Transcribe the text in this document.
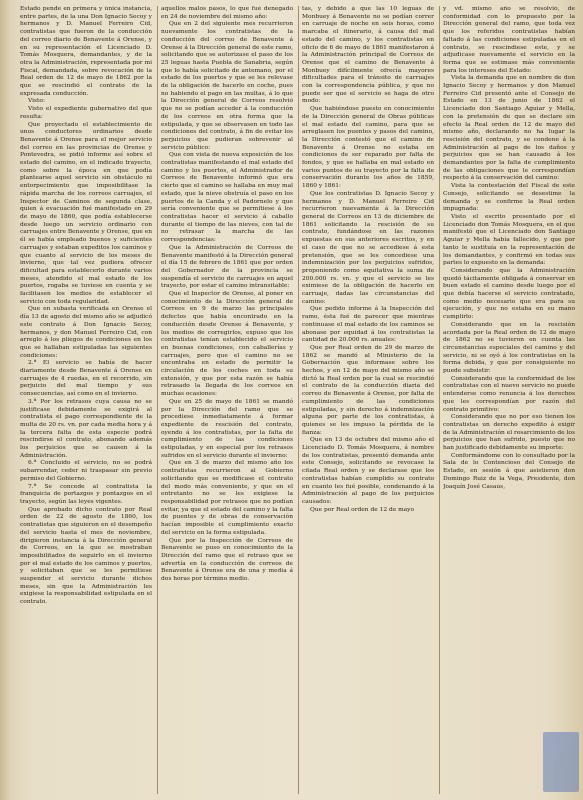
Estado pende en primera y única instancia, entre partes, de la una Don Ignacio Secoy y hermanos y D. Manuel Ferreiro Cid, contratistas que fueron de la conducción del correo diario de Benavente á Orense, y en su representación el Licenciado D. Tomás Mosquera, demandantes, y de la otra la Administración, representada por mi Fiscal, demandada, sobre revocación de la Real orden de 12 de mayo de 1862 por la que se rescindió el contrato de la expresada conducción.

Visto:

Visto el expediente gubernativo del que resulta:

Que proyectado el establecimiento de unos conductores ordinarios desde Benavente á Orense para el mejor servicio del correo en las provincias de Orense y Pontevedra, se pidió informe así sobre el estado del camino, en el indicado trayecto, como sobre la época en que podía plantearse aquel servicio sin obstáculo ni entorpecimiento que imposibilitase la rápida marcha de los correos carruajes, el Inspector de Caminos de segunda clase, quien á evacuación fué manifestado en 29 de mayo de 1860, que podía establecerse desde luego un servicio ordinario con carruajes entre Benavente y Orense, que en él se había empleado buenos y suficientes carruajes y estaban expeditos los caminos y que cuanto al servicio de los meses de invierno, que tal vez pudiera ofrecer dificultad para establecerlo durante varios meses, atendido el mal estado de los puertos, rogaba se tuviese en cuenta y se facilitasen los medios de establecer el servicio con toda regularidad.

Que en subasta verificada en Orense el día 13 de agosto del mismo año se adjudicó este contrato á Don Ignacio Secoy, hermanos, y don Manuel Ferreiro Cid, con arreglo á los pliegos de condiciones en los que se hallaban estipuladas las siguientes condiciones:

2.ª El servicio se había de hacer diariamente desde Benavente á Orense en carruajes de 4 ruedas, en el recorrido, sin perjuicio del mal tiempo y sus consecuencias, así como en el invierno.

3.ª Por los retrasos cuya causa no se justificase debidamente se exigirá al contratista el pago correspondiente de la multa de 20 rs. vn. por cada media hora y á la tercera falta de esta especie podrá rescindirse el contrato, abonando además los perjuicios que se causen á la Administración.

6.ª Concluido el servicio, no se podrá subarrendar, ceder ni traspasar sin previo permiso del Gobierno.

7.ª Se concede al contratista la franquicia de portazgos y pontazgos en el trayecto, según las leyes vigentes.

Que aprobado dicho contrato por Real orden de 22 de agosto de 1860, los contratistas que siguieron en el desempeño del servicio hasta el mes de noviembre, dirigieron instancia á la Dirección general de Correos, en la que se mostraban imposibilitados de seguirlo en el invierno por el mal estado de los caminos y puertos, y solicitaban que se les permitiese suspender el servicio durante dichos meses, sin que la Administración les exigiese la responsabilidad estipulada en el contrato.

aquellos malos pasos, lo que fué denegado en 24 de noviembre del mismo año:

Que en 2 del siguiente mes recurrieron nuevamente los contratistas de la conducción del correo de Benavente á Orense á la Dirección general de este ramo, solicitando que se autorizase el paso de los 25 leguas hasta Puebla de Sanabria, según que lo había solicitado de antemano, por el estado de los puertos y que se les relevase de la obligación de hacerlo en coche, pues no habiendo el pago en las multas, á lo que la Dirección general de Correos resolvió que no se podían acceder á la conducción de los correos en otra forma que la estipulada, y que se observasen en todo las condiciones del contrato, á fin de evitar los perjuicios que pudieran sobrevenir al servicio público:

Que con vista de nueva exposición de los contratistas manifestando el mal estado del camino y los puertos, el Administrador de Correos de Benavente informó que era cierto que el camino se hallaba en muy mal estado, que la nieve obstruía el paso en los puertos de la Canda y el Padornelo y que sería conveniente que se permitiese á los contratistas hacer el servicio á caballo durante el tiempo de las nieves, con tal de no retrasar la marcha de las correspondencias:

Que la Administración de Correos de Benavente manifestó á la Dirección general el día 15 de febrero de 1861 que por orden del Gobernador de la provincia se suspendía el servicio de carruajes en aquel trayecto, por estar el camino intransitable:

Que el Inspector de Orense, al poner en conocimiento de la Dirección general de Correos en 9 de marzo las principales defectos que había encontrado en la conducción desde Orense á Benavente, y los medios de corregirlos, expuso que los contratistas tenían establecido el servicio en buenas condiciones, con caballerías y carruajes, pero que el camino no se encontraba en estado de permitir la circulación de los coches en toda su extensión, y que por esta razón se había retrasado la llegada de los correos en muchas ocasiones:

Que en 25 de mayo de 1861 se mandó por la Dirección del ramo que se procediese inmediatamente á formar expediente de rescisión del contrato, oyendo á los contratistas, por la falta de cumplimiento de las condiciones estipuladas, y en especial por los retrasos sufridos en el servicio durante el invierno:

Que en 3 de marzo del mismo año los contratistas recurrieron al Gobierno solicitando que se modificase el contrato del modo más conveniente, y que en el entretanto no se les exigiese la responsabilidad por retrasos que no podían evitar, ya que el estado del camino y la falta de puentes y de obras de conservación hacían imposible el cumplimiento exacto del servicio en la forma estipulada.

Que por la Inspección de Correos de Benavente se puso en conocimiento de la Dirección del ramo que el retraso que se advertía en la conducción de correos de Benavente á Orense era de una y media á dos horas por término medio.

tas, y debido á que las 10 leguas de Monbuey á Benavente no se podían correr en carruaje de noche en seis horas, como marcaba el itinerario, á causa del mal estado del camino, y los contratistas en oficio de 6 de mayo de 1861 manifestaron á la Administración principal de Correos de Orense que el camino de Benavente á Monbuey difícilmente ofrecía mayores dificultades para el tránsito de carruajes con la correspondencia pública, y que no puede ser que el servicio se haga de otro modo:

Que habiéndose puesto en conocimiento de la Dirección general de Obras públicas el mal estado del camino, para que se arreglasen los puentes y pasos del camino, la Dirección contestó que el camino de Benavente á Orense no estaba en condiciones de ser reparado por falta de fondos, y que se hallaba en mal estado en varios puntos de su trayecto por la falta de conservación durante los años de 1859, 1860 y 1861:

Que los contratistas D. Ignacio Secoy y hermanos y D. Manuel Ferreiro Cid recurrieron nuevamente á la Dirección general de Correos en 13 de diciembre de 1861 solicitando la rescisión de su contrato, fundándose en las razones expuestas en sus anteriores escritos, y en el caso de que no se accediese á esta pretensión, que se les concediese una indemnización por los perjuicios sufridos, proponiendo como equitativa la suma de 200.000 rs. vn. y que el servicio se les eximiese de la obligación de hacerlo en carruaje, dadas las circunstancias del camino:

Que pedido informe á la Inspección del ramo, ésta fué de parecer que mientras continuase el mal estado de los caminos se abonase por equidad á los contratistas la cantidad de 20.000 rs. anuales:

Que por Real orden de 29 de marzo de 1862 se mandó al Ministerio de la Gobernación que informase sobre los hechos, y en 12 de mayo del mismo año se dictó la Real orden por la cual se rescindió el contrato de la conducción diaria del correo de Benavente á Orense, por falta de cumplimiento de las condiciones estipuladas, y sin derecho á indemnización alguna por parte de los contratistas, á quienes se les impuso la pérdida de la fianza:

Que en 13 de octubre del mismo año el Licenciado D. Tomás Mosquera, á nombre de los contratistas, presentó demanda ante este Consejo, solicitando se revocase la citada Real orden y se declarase que los contratistas habían cumplido su contrato en cuanto les fué posible, condenando á la Administración al pago de los perjuicios causados:

Que por Real orden de 12 de mayo

y vd. mismo año se resolvió, de conformidad con lo propuesto por la Dirección general del ramo, que toda vez que los referidos contratistas habían faltado á las condiciones estipuladas en el contrato, se rescindiese este, y se adjudicase nuevamente el servicio en la forma que se estimase más conveniente para los intereses del Estado:

Vista la demanda que en nombre de don Ignacio Secoy y hermanos y don Manuel Ferreiro Cid presentó ante el Consejo de Estado en 13 de junio de 1862 el Licenciado don Santiago Aguiar y Mella, con la pretensión de que se declare sin efecto la Real orden de 12 de mayo del mismo año, declarando no ha lugar la rescisión del contrato, y se condene á la Administración al pago de los daños y perjuicios que se han causado á los demandantes por la falta de cumplimiento de las obligaciones que le correspondían respecto á la conservación del camino:

Vista la contestación del Fiscal de este Consejo, solicitando se desestime la demanda y se confirme la Real orden impugnada:

Visto el escrito presentado por el Licenciado don Tomás Mosquera, en el que manifestó que el Licenciado don Santiago Aguiar y Mella había fallecido, y que por tanto le sustituía en la representación de los demandantes, y confirmó en todas sus partes lo expuesto en la demanda:

Considerando que la Administración quedó tácitamente obligada á conservar en buen estado el camino desde luego por el que debía hacerse el servicio contratado, como medio necesario que era para su ejecución, y que no estaba en su mano cumplirlo:

Considerando que en la rescisión acordada por la Real orden de 12 de mayo de 1862 no se tuvieron en cuenta las circunstancias especiales del camino y del servicio, ni se oyó á los contratistas en la forma debida, y que por consiguiente no puede subsistir:

Considerando que la conformidad de los contratistas con el nuevo servicio no puede entenderse como renuncia á los derechos que les correspondían por razón del contrato primitivo:

Considerando que no por eso tienen los contratistas un derecho expedito á exigir de la Administración el resarcimiento de los perjuicios que han sufrido, puesto que no han justificado debidamente su importe:

Conformándome con lo consultado por la Sala de lo Contencioso del Consejo de Estado, en sesión á que asistieron don Domingo Ruiz de la Vega, Presidente, don Joaquín José Casaus,
